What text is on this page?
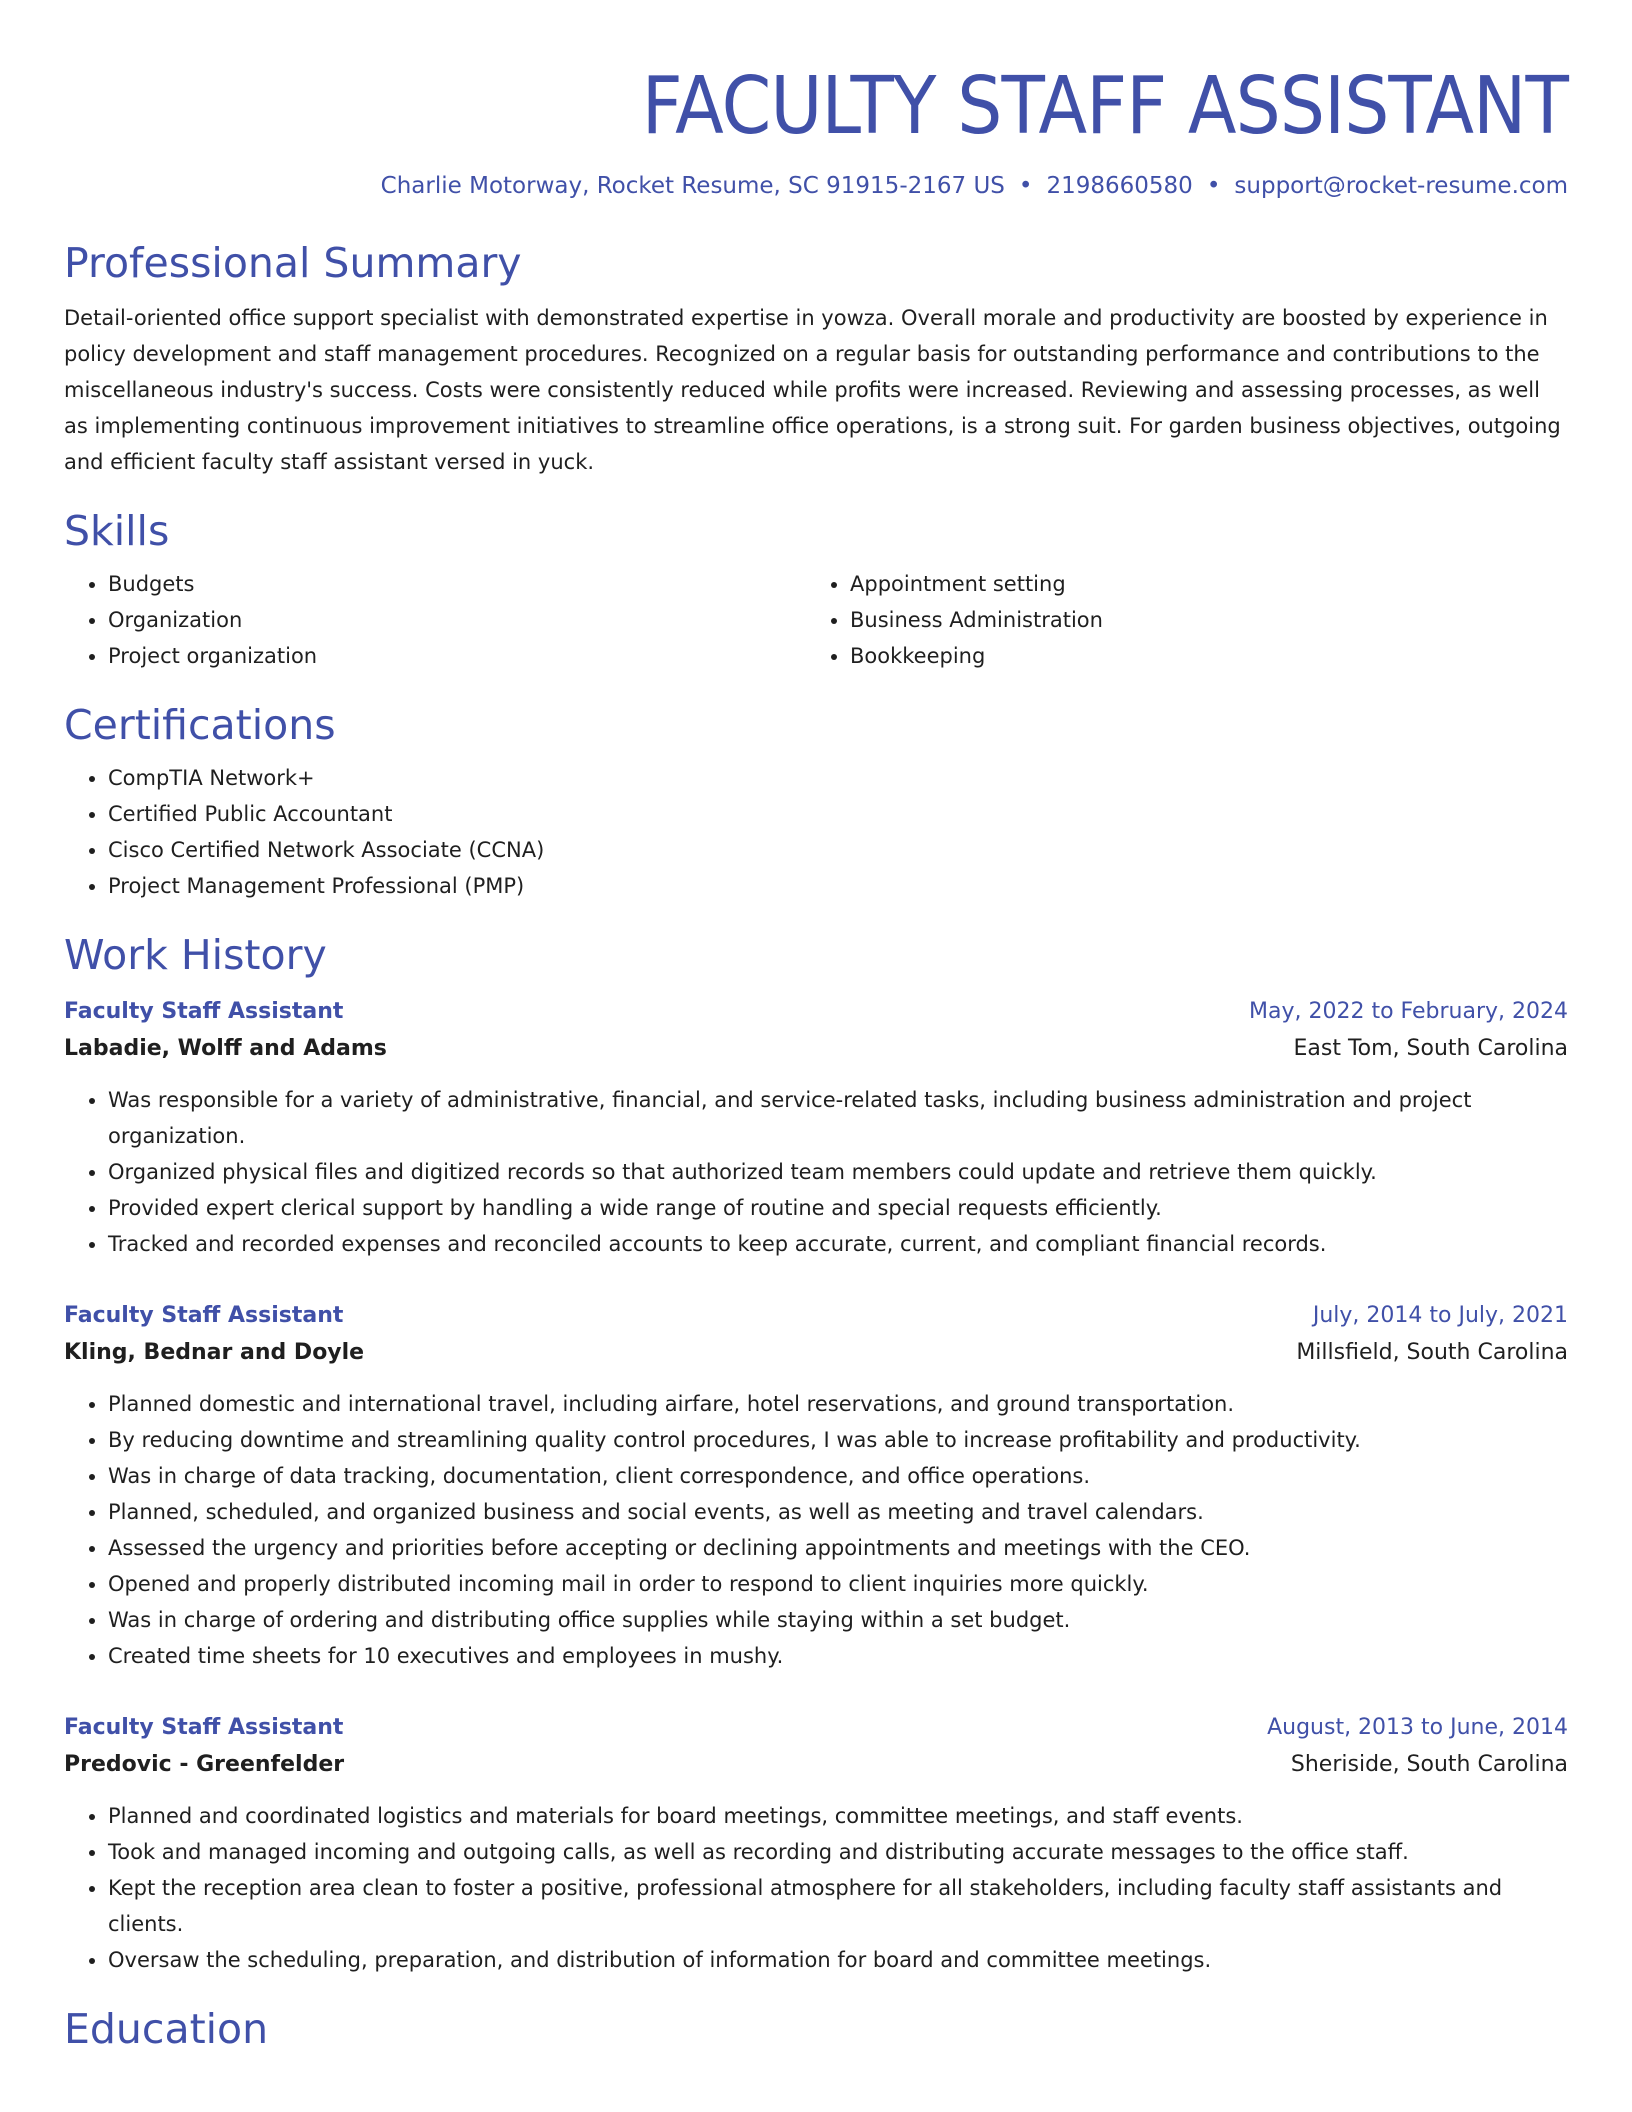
FACULTY STAFF ASSISTANT
Charlie Motorway, Rocket Resume, SC 91915-2167 US • 2198660580 • support@rocket-resume.com
Professional Summary

Detail-oriented office support specialist with demonstrated expertise in yowza. Overall morale and productivity are boosted by experience in policy development and staff management procedures. Recognized on a regular basis for outstanding performance and contributions to the miscellaneous industry's success. Costs were consistently reduced while profits were increased. Reviewing and assessing processes, as well as implementing continuous improvement initiatives to streamline office operations, is a strong suit. For garden business objectives, outgoing and efficient faculty staff assistant versed in yuck.

Skills
• Budgets
• Organization
• Project organization
• Appointment setting
• Business Administration
• Bookkeeping
Certifications
• CompTIA Network+
• Certified Public Accountant
• Cisco Certified Network Associate (CCNA)
• Project Management Professional (PMP)
Work History
Faculty Staff Assistant	May, 2022 to February, 2024
Labadie, Wolff and Adams	East Tom, South Carolina
• Was responsible for a variety of administrative, financial, and service-related tasks, including business administration and project organization.
• Organized physical files and digitized records so that authorized team members could update and retrieve them quickly.
• Provided expert clerical support by handling a wide range of routine and special requests efficiently.
• Tracked and recorded expenses and reconciled accounts to keep accurate, current, and compliant financial records.
Faculty Staff Assistant	July, 2014 to July, 2021
Kling, Bednar and Doyle	Millsfield, South Carolina
• Planned domestic and international travel, including airfare, hotel reservations, and ground transportation.
• By reducing downtime and streamlining quality control procedures, I was able to increase profitability and productivity.
• Was in charge of data tracking, documentation, client correspondence, and office operations.
• Planned, scheduled, and organized business and social events, as well as meeting and travel calendars.
• Assessed the urgency and priorities before accepting or declining appointments and meetings with the CEO.
• Opened and properly distributed incoming mail in order to respond to client inquiries more quickly.
• Was in charge of ordering and distributing office supplies while staying within a set budget.
• Created time sheets for 10 executives and employees in mushy.
Faculty Staff Assistant	August, 2013 to June, 2014
Predovic - Greenfelder	Sheriside, South Carolina
• Planned and coordinated logistics and materials for board meetings, committee meetings, and staff events.
• Took and managed incoming and outgoing calls, as well as recording and distributing accurate messages to the office staff.
• Kept the reception area clean to foster a positive, professional atmosphere for all stakeholders, including faculty staff assistants and clients.
• Oversaw the scheduling, preparation, and distribution of information for board and committee meetings.
Education
